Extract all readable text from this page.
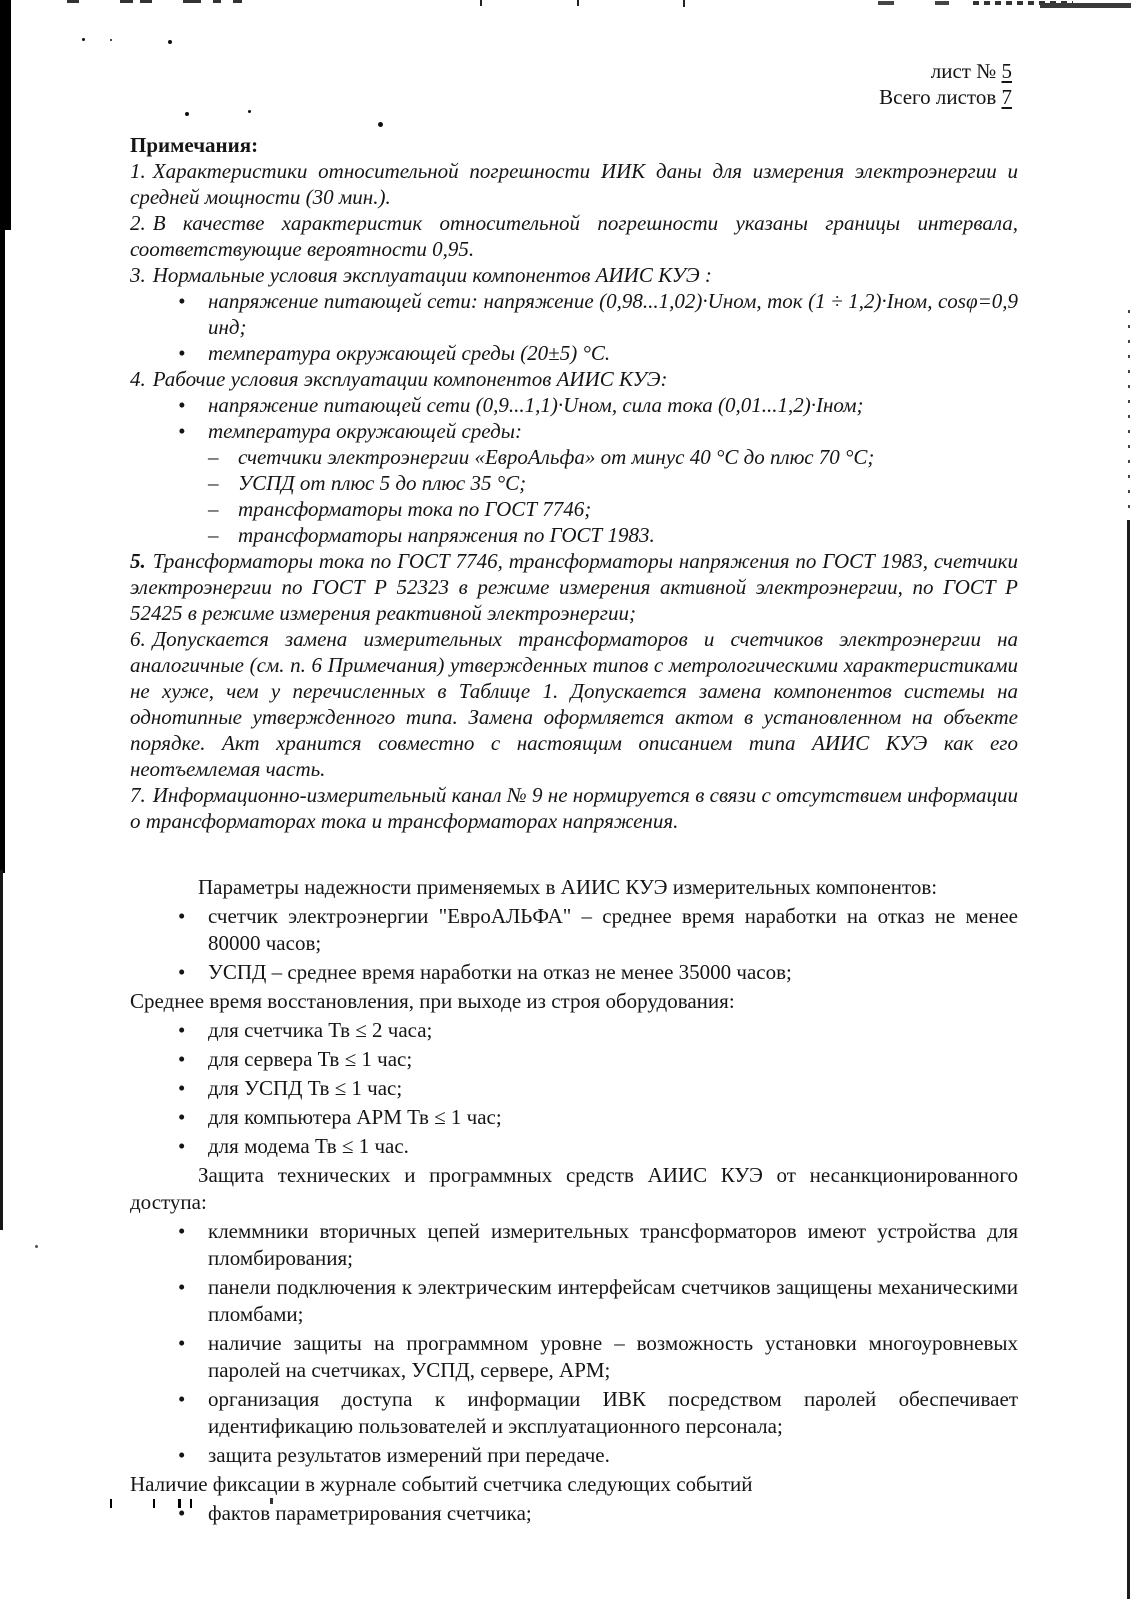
лист № 5
Всего листов 7

Примечания:

1. Характеристики относительной погрешности ИИК даны для измерения электроэнергии и средней мощности (30 мин.).

2. В качестве характеристик относительной погрешности указаны границы интервала, соответствующие вероятности 0,95.

3. Нормальные условия эксплуатации компонентов АИИС КУЭ :

• напряжение питающей сети: напряжение (0,98...1,02)·Uном, ток (1 ÷ 1,2)·Iном, cosφ=0,9 инд;
• температура окружающей среды (20±5) °С.

4. Рабочие условия эксплуатации компонентов АИИС КУЭ:

• напряжение питающей сети (0,9...1,1)·Uном, сила тока (0,01...1,2)·Iном;
• температура окружающей среды:
– счетчики электроэнергии «ЕвроАльфа» от минус 40 °С до плюс 70 °С;
– УСПД от плюс 5 до плюс 35 °С;
– трансформаторы тока по ГОСТ 7746;
– трансформаторы напряжения по ГОСТ 1983.

5. Трансформаторы тока по ГОСТ 7746, трансформаторы напряжения по ГОСТ 1983, счетчики электроэнергии по ГОСТ Р 52323 в режиме измерения активной электроэнергии, по ГОСТ Р 52425 в режиме измерения реактивной электроэнергии;

6. Допускается замена измерительных трансформаторов и счетчиков электроэнергии на аналогичные (см. п. 6 Примечания) утвержденных типов с метрологическими характеристиками не хуже, чем у перечисленных в Таблице 1. Допускается замена компонентов системы на однотипные утвержденного типа. Замена оформляется актом в установленном на объекте порядке. Акт хранится совместно с настоящим описанием типа АИИС КУЭ как его неотъемлемая часть.

7. Информационно-измерительный канал № 9 не нормируется в связи с отсутствием информации о трансформаторах тока и трансформаторах напряжения.

Параметры надежности применяемых в АИИС КУЭ измерительных компонентов:

• счетчик электроэнергии "ЕвроАЛЬФА" – среднее время наработки на отказ не менее 80000 часов;
• УСПД – среднее время наработки на отказ не менее 35000 часов;

Среднее время восстановления, при выходе из строя оборудования:

• для счетчика Тв ≤ 2 часа;
• для сервера Тв ≤ 1 час;
• для УСПД Тв ≤ 1 час;
• для компьютера АРМ Тв ≤ 1 час;
• для модема Тв ≤ 1 час.

Защита технических и программных средств АИИС КУЭ от несанкционированного доступа:

• клеммники вторичных цепей измерительных трансформаторов имеют устройства для пломбирования;
• панели подключения к электрическим интерфейсам счетчиков защищены механическими пломбами;
• наличие защиты на программном уровне – возможность установки многоуровневых паролей на счетчиках, УСПД, сервере, АРМ;
• организация доступа к информации ИВК посредством паролей обеспечивает идентификацию пользователей и эксплуатационного персонала;
• защита результатов измерений при передаче.

Наличие фиксации в журнале событий счетчика следующих событий

• фактов параметрирования счетчика;
